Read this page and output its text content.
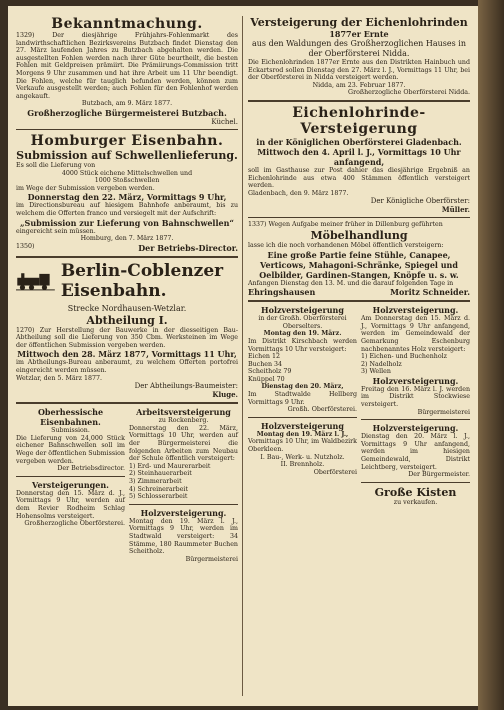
Bekanntmachung.
1329)	Der diesjährige Frühjahrs-Fohlenmarkt des landwirthschaftlichen Bezirksvereins Butzbach findet Dienstag den 27. März laufenden Jahres zu Butzbach abgehalten werden. Die ausgestellten Fohlen werden nach ihrer Güte beurtheilt, die besten Fohlen mit Geldpreisen prämiirt. Die Prämiirungs-Commission tritt Morgens 9 Uhr zusammen und hat ihre Arbeit um 11 Uhr beendigt. Die Fohlen, welche für tauglich befunden werden, können zum Verkaufe ausgestellt werden; auch Fohlen für den Fohlenhof werden angekauft.
Butzbach, am 9. März 1877.
Großherzogliche Bürgermeisterei Butzbach.
Küchel.
Homburger Eisenbahn.
Submission auf Schwellenlieferung.
Es soll die Lieferung von
4000 Stück eichene Mittelschwellen und
1000 Stoßschwellen
im Wege der Submission vergeben werden.
Donnerstag den 22. März, Vormittags 9 Uhr,
im Directionsbureau auf hiesigem Bahnhofe anberaumt, bis zu welchem die Offerten franco und versiegelt mit der Aufschrift:
„Submission zur Lieferung von Bahnschwellen“
eingereicht sein müssen.
Homburg, den 7. März 1877.
1350)	Der Betriebs-Director.
Berlin-Coblenzer Eisenbahn.
Strecke Nordhausen-Wetzlar.
Abtheilung I.
1270) Zur Herstellung der Bauwerke in der diesseitigen Bau-Abtheilung soll die Lieferung von 350 Cbm. Werksteinen im Wege der öffentlichen Submission vergeben werden.
Mittwoch den 28. März 1877, Vormittags 11 Uhr,
im Abtheilungs-Bureau anberaumt, zu welchem Offerten portofrei eingereicht werden müssen.
Wetzlar, den 5. März 1877.
Der Abtheilungs-Baumeister:
Kluge.
Oberhessische Eisenbahnen.
Submission.
Die Lieferung von 24,000 Stück eichener Bahnschwellen soll im Wege der öffentlichen Submission vergeben werden.
Der Betriebsdirector.
Versteigerungen.
Donnerstag den 15. März d. J., Vormittags 9 Uhr, werden auf dem Revier Rodheim Schlag Hohensolms versteigert.
Großherzogliche Oberförsterei.
Arbeitsversteigerung
zu Rockenberg.
Donnerstag den 22. März, Vormittags 10 Uhr, werden auf der Bürgermeisterei die folgenden Arbeiten zum Neubau der Schule öffentlich versteigert:
1) Erd- und Maurerarbeit
2) Steinhauerarbeit
3) Zimmerarbeit
4) Schreinerarbeit
5) Schlosserarbeit
Holzversteigerung.
Montag den 19. März l. J., Vormittags 9 Uhr, werden im Stadtwald versteigert: 34 Stämme, 180 Raummeter Buchen Scheitholz.
Bürgermeisterei
Versteigerung der Eichenlohrinden
1877er Ernte
aus den Waldungen des Großherzoglichen Hauses in der Oberförsterei Nidda.
Die Eichenlohrinden 1877er Ernte aus den Distrikten Hainbuch und Eckartsrod sollen Dienstag den 27. März l. J., Vormittags 11 Uhr, bei der Oberförsterei in Nidda versteigert werden.
Nidda, am 23. Februar 1877.
Großherzogliche Oberförsterei Nidda.
Eichenlohrinde-Versteigerung
in der Königlichen Oberförsterei Gladenbach.
Mittwoch den 4. April l. J., Vormittags 10 Uhr anfangend,
soll im Gasthause zur Post dahier das diesjährige Ergebniß an Eichenlohrinde aus etwa 400 Stämmen öffentlich versteigert werden.
Gladenbach, den 9. März 1877.
Der Königliche Oberförster:
Müller.
1337) Wegen Aufgabe meiner früher in Dillenburg geführten
Möbelhandlung
lasse ich die noch vorhandenen Möbel öffentlich versteigern:
Eine große Partie feine Stühle, Canapee, Verticows, Mahagoni-Schränke, Spiegel und Oelbilder, Gardinen-Stangen, Knöpfe u. s. w.
Anfangen Dienstag den 13. M. und die darauf folgenden Tage in
Ehringshausen	Moritz Schneider.
Holzversteigerung
in der Großh. Oberförsterei Oberselters.
Montag den 19. März.
Im Distrikt Kirschbach werden Vormittags 10 Uhr versteigert:
Eichen 12
Buchen 34
Scheitholz 79
Knüppel 70
Dienstag den 20. März,
Im Stadtwalde Hellberg Vormittags 9 Uhr.
Großh. Oberförsterei.
Holzversteigerung
Montag den 19. März l. J.,
Vormittags 10 Uhr, im Waldbezirk Oberkleen.
I. Bau-, Werk- u. Nutzholz.
II. Brennholz.
Oberförsterei
Holzversteigerung.
Am Donnerstag den 15. März d. J., Vormittags 9 Uhr anfangend, werden im Gemeindewald der Gemarkung Eschenburg nachbenanntes Holz versteigert:
1) Eichen- und Buchenholz
2) Nadelholz
3) Wellen
Holzversteigerung.
Freitag den 16. März l. J. werden im Distrikt Stockwiese versteigert.
Bürgermeisterei
Holzversteigerung.
Dienstag den 20. März l. J., Vormittags 9 Uhr anfangend, werden im hiesigen Gemeindewald, Distrikt Leichtberg, versteigert.
Der Bürgermeister.
Große Kisten
zu verkaufen.
